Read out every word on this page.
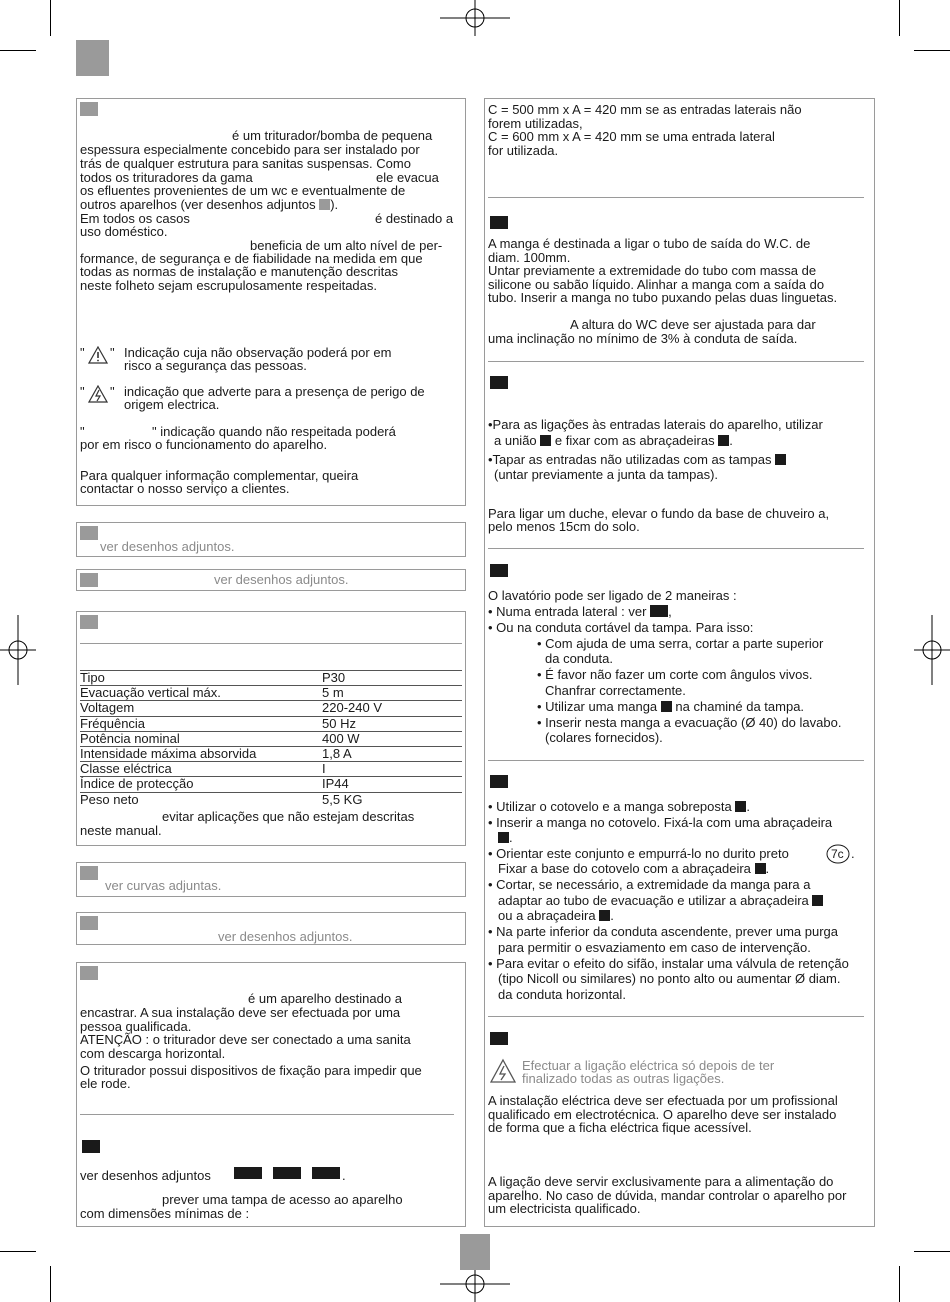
é um triturador/bomba de pequena
espessura especialmente concebido para ser instalado por
trás de qualquer estrutura para sanitas suspensas. Como
todos os trituradores da gama	ele evacua
os efluentes provenientes de um wc e eventualmente de
outros aparelhos (ver desenhos adjuntos ).
Em todos os casos	é destinado a
uso doméstico.
beneficia de um alto nível de per-
formance, de segurança e de fiabilidade na medida em que
todas as normas de instalação e manutenção descritas
neste folheto sejam escrupulosamente respeitadas.
" " Indicação cuja não observação poderá por em
risco a segurança das pessoas.
" " indicação que adverte para a presença de perigo de
origem electrica.
"	" indicação quando não respeitada poderá
por em risco o funcionamento do aparelho.
Para qualquer informação complementar, queira
contactar o nosso serviço a clientes.
ver desenhos adjuntos.
ver desenhos adjuntos.
Tipo	P30
Evacuação vertical máx.	5 m
Voltagem	220-240 V
Fréquência	50 Hz
Potência nominal	400 W
Intensidade máxima absorvida	1,8 A
Classe eléctrica	I
Índice de protecção	IP44
Peso neto	5,5 KG
evitar aplicações que não estejam descritas
neste manual.
ver curvas adjuntas.
ver desenhos adjuntos.
é um aparelho destinado a
encastrar. A sua instalação deve ser efectuada por uma
pessoa qualificada.
ATENÇÃO : o triturador deve ser conectado a uma sanita
com descarga horizontal.
O triturador possui dispositivos de fixação para impedir que
ele rode.
ver desenhos adjuntos	.
prever uma tampa de acesso ao aparelho
com dimensões mínimas de :
C = 500 mm x A = 420 mm se as entradas laterais não
forem utilizadas,
C = 600 mm x A = 420 mm se uma entrada lateral
for utilizada.
A manga é destinada a ligar o tubo de saída do W.C. de
diam. 100mm.
Untar previamente a extremidade do tubo com massa de
silicone ou sabão líquido. Alinhar a manga com a saída do
tubo. Inserir a manga no tubo puxando pelas duas linguetas.
A altura do WC deve ser ajustada para dar
uma inclinação no mínimo de 3% à conduta de saída.
•Para as ligações às entradas laterais do aparelho, utilizar
a união e fixar com as abraçadeiras .
•Tapar as entradas não utilizadas com as tampas
(untar previamente a junta da tampas).
Para ligar um duche, elevar o fundo da base de chuveiro a,
pelo menos 15cm do solo.
O lavatório pode ser ligado de 2 maneiras :
• Numa entrada lateral : ver ,
• Ou na conduta cortável da tampa. Para isso:
• Com ajuda de uma serra, cortar a parte superior
da conduta.
• É favor não fazer um corte com ângulos vivos.
Chanfrar correctamente.
• Utilizar uma manga na chaminé da tampa.
• Inserir nesta manga a evacuação (Ø 40) do lavabo.
(colares fornecidos).
• Utilizar o cotovelo e a manga sobreposta .
• Inserir a manga no cotovelo. Fixá-la com uma abraçadeira
.
• Orientar este conjunto e empurrá-lo no durito preto	7c .
Fixar a base do cotovelo com a abraçadeira .
• Cortar, se necessário, a extremidade da manga para a
adaptar ao tubo de evacuação e utilizar a abraçadeira
ou a abraçadeira .
• Na parte inferior da conduta ascendente, prever uma purga
para permitir o esvaziamento em caso de intervenção.
• Para evitar o efeito do sifão, instalar uma válvula de retenção
(tipo Nicoll ou similares) no ponto alto ou aumentar Ø diam.
da conduta horizontal.
Efectuar a ligação eléctrica só depois de ter
finalizado todas as outras ligações.
A instalação eléctrica deve ser efectuada por um profissional
qualificado em electrotécnica. O aparelho deve ser instalado
de forma que a ficha eléctrica fique acessível.
A ligação deve servir exclusivamente para a alimentação do
aparelho. No caso de dúvida, mandar controlar o aparelho por
um electricista qualificado.
